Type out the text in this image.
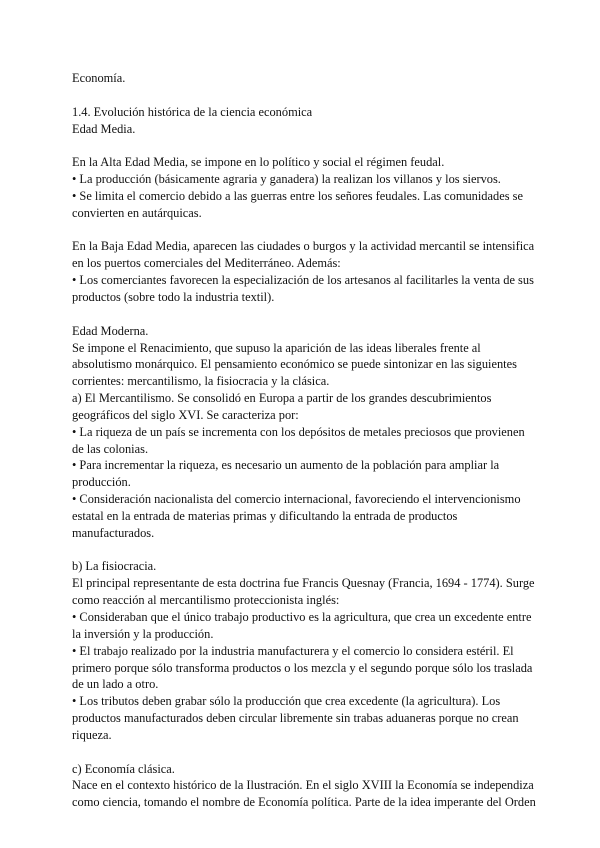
Economía.
1.4. Evolución histórica de la ciencia económica
Edad Media.
En la Alta Edad Media, se impone en lo político y social el régimen feudal.
• La producción (básicamente agraria y ganadera) la realizan los villanos y los siervos.
• Se limita el comercio debido a las guerras entre los señores feudales. Las comunidades se
convierten en autárquicas.
En la Baja Edad Media, aparecen las ciudades o burgos y la actividad mercantil se intensifica
en los puertos comerciales del Mediterráneo. Además:
• Los comerciantes favorecen la especialización de los artesanos al facilitarles la venta de sus
productos (sobre todo la industria textil).
Edad Moderna.
Se impone el Renacimiento, que supuso la aparición de las ideas liberales frente al
absolutismo monárquico. El pensamiento económico se puede sintonizar en las siguientes
corrientes: mercantilismo, la fisiocracia y la clásica.
a) El Mercantilismo. Se consolidó en Europa a partir de los grandes descubrimientos
geográficos del siglo XVI. Se caracteriza por:
• La riqueza de un país se incrementa con los depósitos de metales preciosos que provienen
de las colonias.
• Para incrementar la riqueza, es necesario un aumento de la población para ampliar la
producción.
• Consideración nacionalista del comercio internacional, favoreciendo el intervencionismo
estatal en la entrada de materias primas y dificultando la entrada de productos
manufacturados.
b) La fisiocracia.
El principal representante de esta doctrina fue Francis Quesnay (Francia, 1694 - 1774). Surge
como reacción al mercantilismo proteccionista inglés:
• Consideraban que el único trabajo productivo es la agricultura, que crea un excedente entre
la inversión y la producción.
• El trabajo realizado por la industria manufacturera y el comercio lo considera estéril. El
primero porque sólo transforma productos o los mezcla y el segundo porque sólo los traslada
de un lado a otro.
• Los tributos deben grabar sólo la producción que crea excedente (la agricultura). Los
productos manufacturados deben circular libremente sin trabas aduaneras porque no crean
riqueza.
c) Economía clásica.
Nace en el contexto histórico de la Ilustración. En el siglo XVIII la Economía se independiza
como ciencia, tomando el nombre de Economía política. Parte de la idea imperante del Orden
